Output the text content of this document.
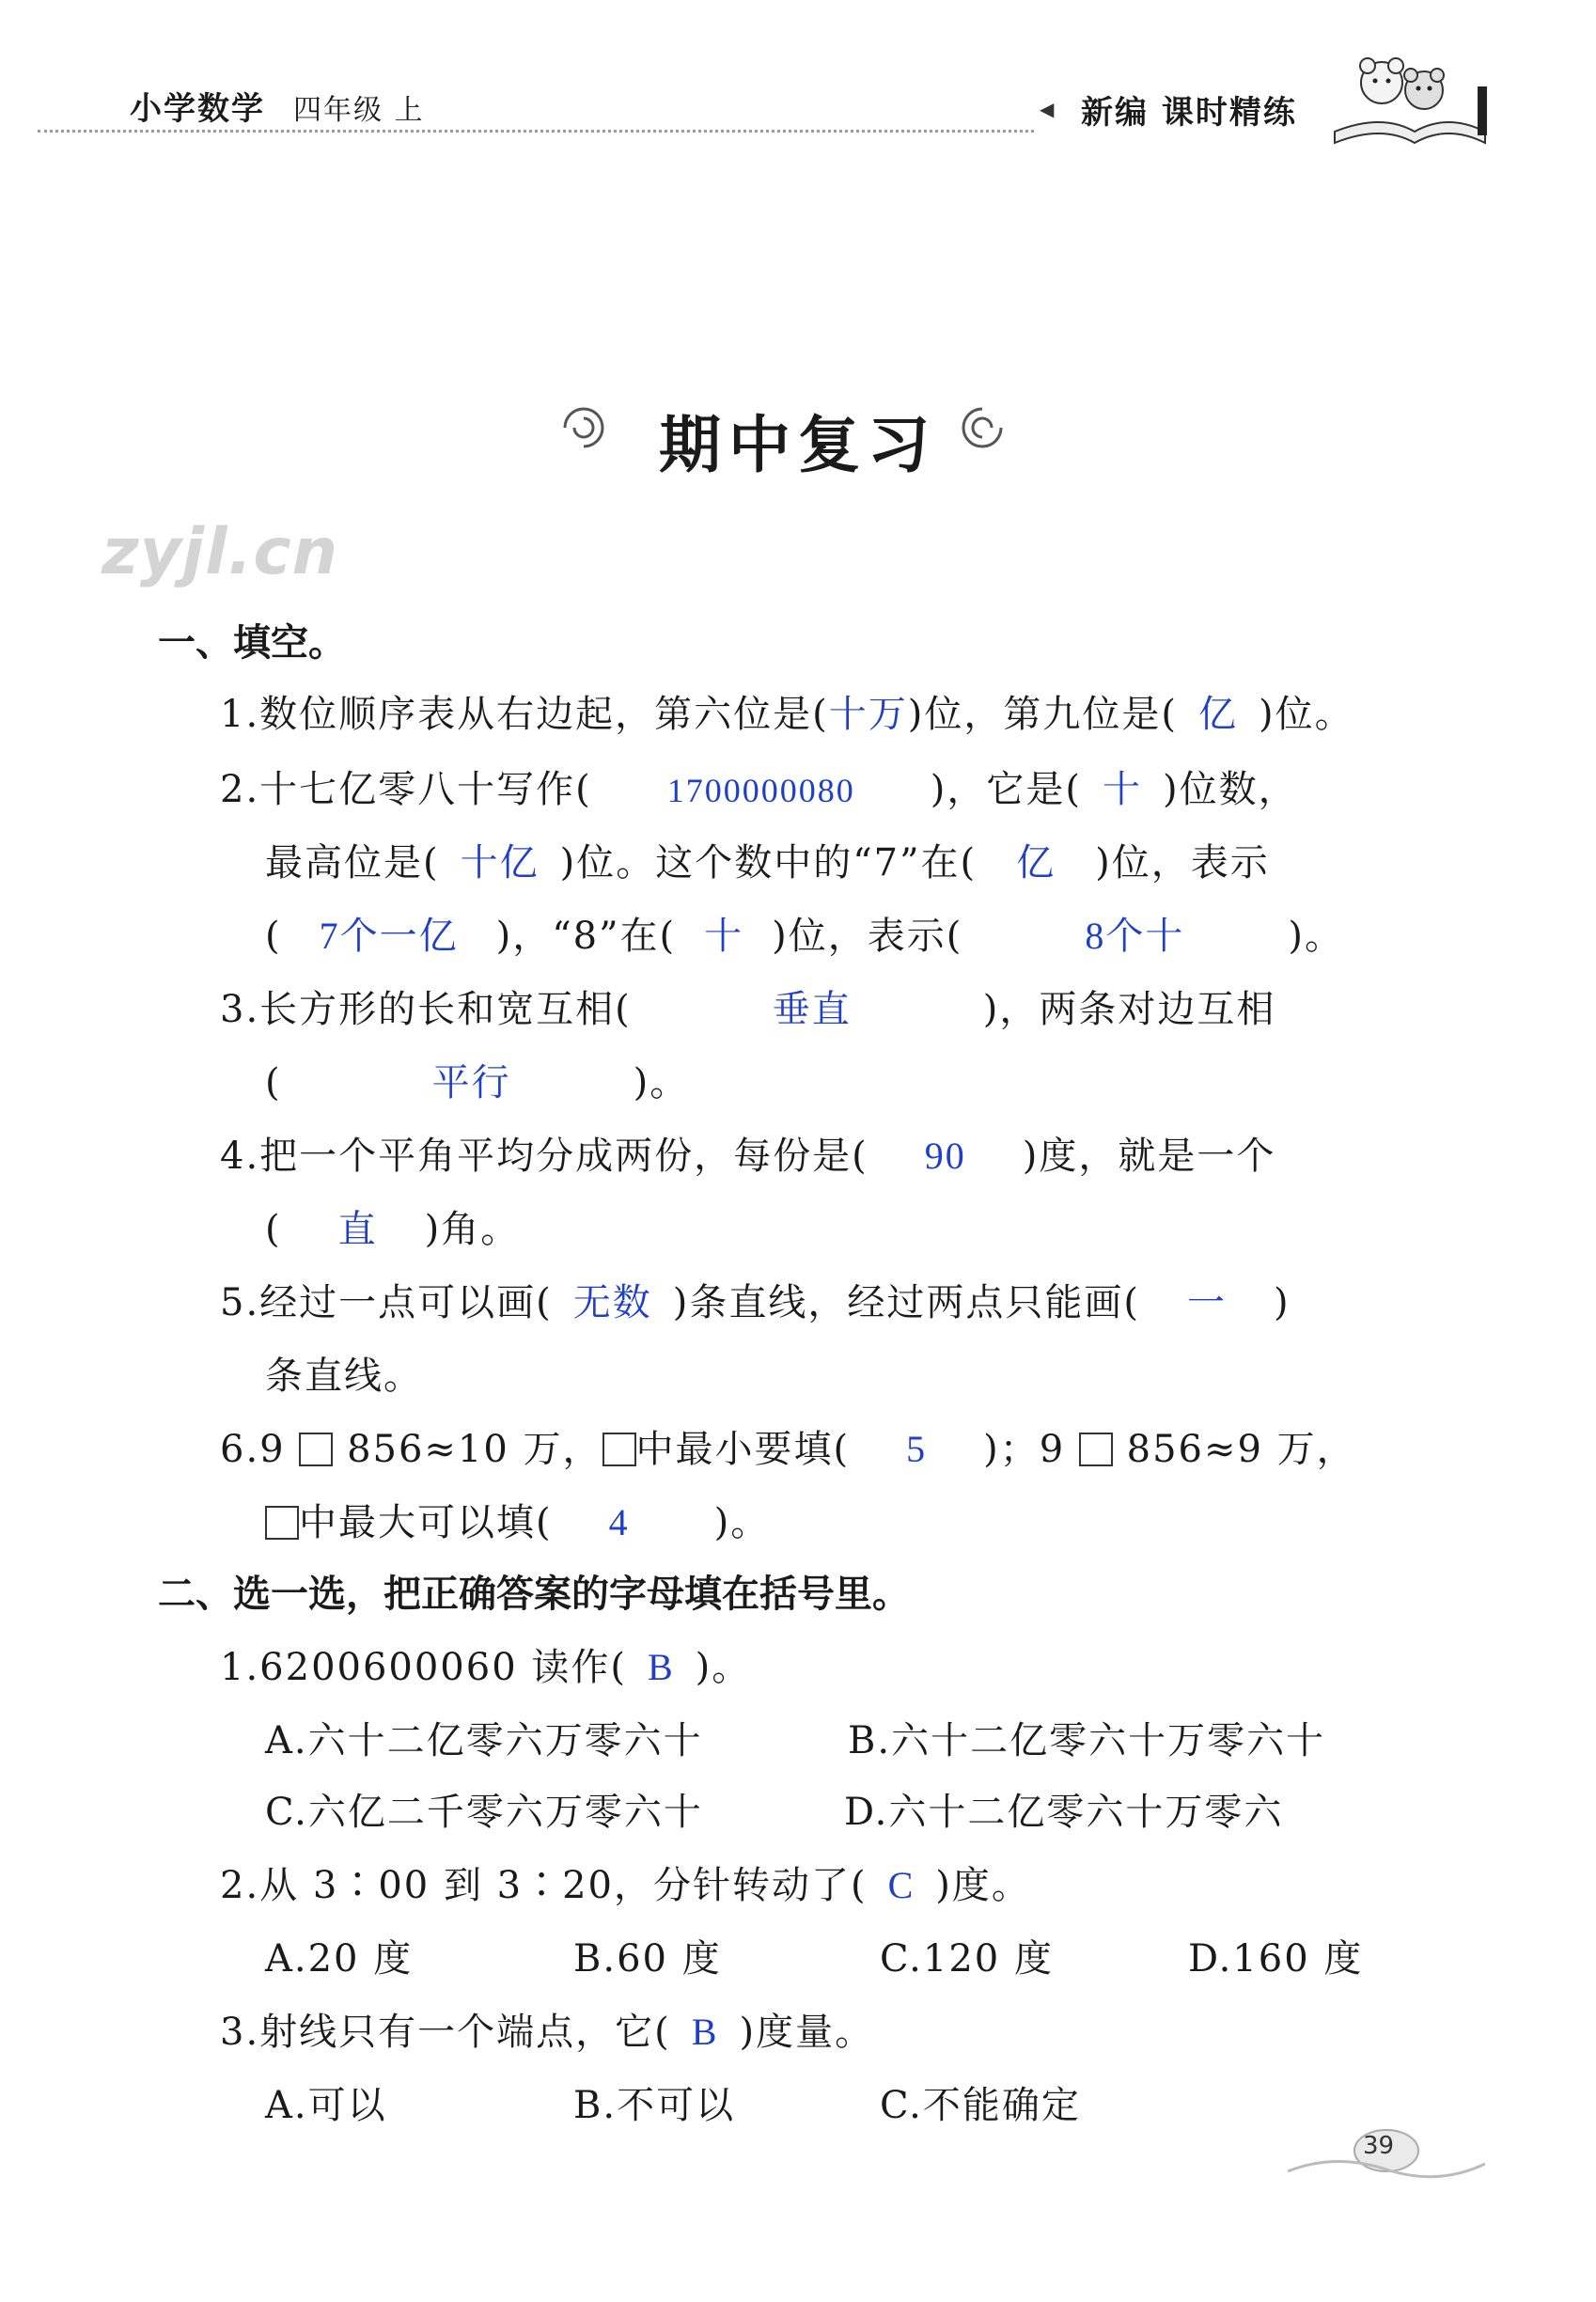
小学数学 四年级 上	◀ 新编 课时精练
期中复习
zyjl.cn
一、填空。
1.数位顺序表从右边起，第六位是(十万)位，第九位是( 亿 )位。
2.十七亿零八十写作( 1700000080 )，它是( 十 )位数，
最高位是( 十亿 )位。这个数中的“7”在( 亿 )位，表示
( 7个一亿 )，“8”在( 十 )位，表示(	8个十	)。
3.长方形的长和宽互相(	垂直	)，两条对边互相
(	平行	)。
4.把一个平角平均分成两份，每份是( 90 )度，就是一个
( 直 )角。
5.经过一点可以画( 无数 )条直线，经过两点只能画( 一 )
条直线。
6.9 856≈10 万， 中最小要填( 5 )；9 856≈9 万，
中最大可以填( 4 )。
二、选一选，把正确答案的字母填在括号里。
1.6200600060 读作( B )。
A.六十二亿零六万零六十	B.六十二亿零六十万零六十
C.六亿二千零六万零六十	D.六十二亿零六十万零六
2.从 3∶00 到 3∶20，分针转动了( C )度。
A.20 度	B.60 度	C.120 度	D.160 度
3.射线只有一个端点，它( B )度量。
A.可以	B.不可以	C.不能确定
39
